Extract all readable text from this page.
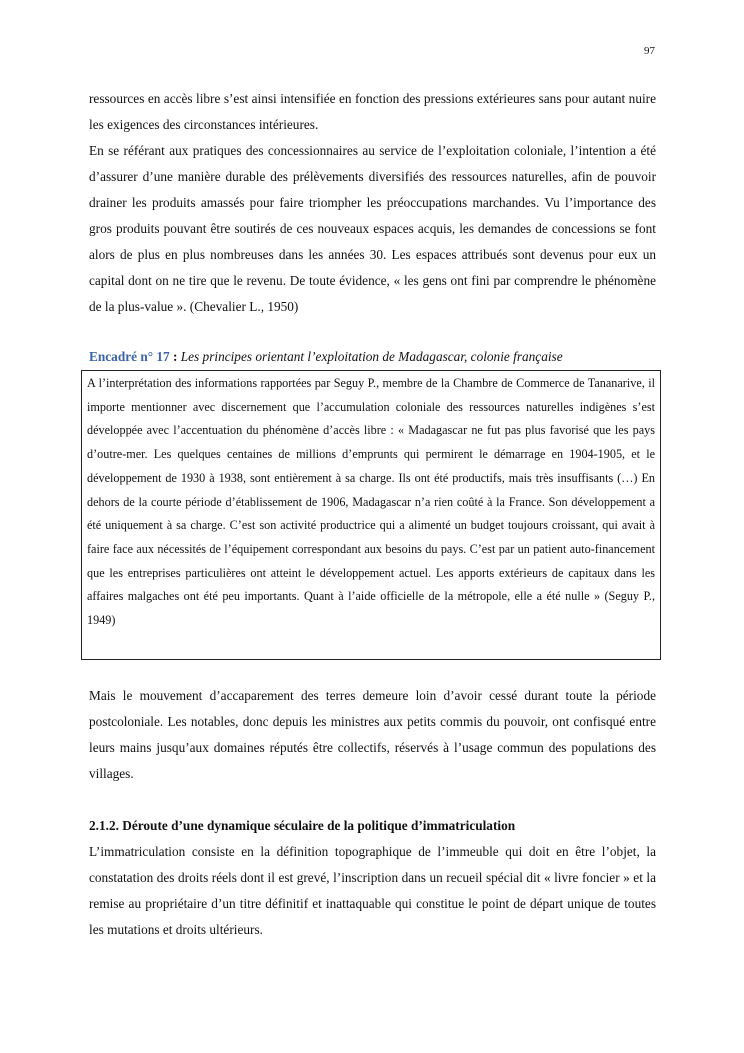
97

ressources en accès libre s’est ainsi intensifiée en fonction des pressions extérieures sans pour autant nuire les exigences des circonstances intérieures.

En se référant aux pratiques des concessionnaires au service de l’exploitation coloniale, l’intention a été d’assurer d’une manière durable des prélèvements diversifiés des ressources naturelles, afin de pouvoir drainer les produits amassés pour faire triompher les préoccupations marchandes. Vu l’importance des gros produits pouvant être soutirés de ces nouveaux espaces acquis, les demandes de concessions se font alors de plus en plus nombreuses dans les années 30. Les espaces attribués sont devenus pour eux un capital dont on ne tire que le revenu. De toute évidence, « les gens ont fini par comprendre le phénomène de la plus-value ». (Chevalier L., 1950)

Encadré n° 17 : Les principes orientant l’exploitation de Madagascar, colonie française

A l’interprétation des informations rapportées par Seguy P., membre de la Chambre de Commerce de Tananarive, il importe mentionner avec discernement que l’accumulation coloniale des ressources naturelles indigènes s’est développée avec l’accentuation du phénomène d’accès libre : « Madagascar ne fut pas plus favorisé que les pays d’outre-mer. Les quelques centaines de millions d’emprunts qui permirent le démarrage en 1904-1905, et le développement de 1930 à 1938, sont entièrement à sa charge. Ils ont été productifs, mais très insuffisants (…) En dehors de la courte période d’établissement de 1906, Madagascar n’a rien coûté à la France. Son développement a été uniquement à sa charge. C’est son activité productrice qui a alimenté un budget toujours croissant, qui avait à faire face aux nécessités de l’équipement correspondant aux besoins du pays. C’est par un patient auto-financement que les entreprises particulières ont atteint le développement actuel. Les apports extérieurs de capitaux dans les affaires malgaches ont été peu importants. Quant à l’aide officielle de la métropole, elle a été nulle » (Seguy P., 1949)

Mais le mouvement d’accaparement des terres demeure loin d’avoir cessé durant toute la période postcoloniale. Les notables, donc depuis les ministres aux petits commis du pouvoir, ont confisqué entre leurs mains jusqu’aux domaines réputés être collectifs, réservés à l’usage commun des populations des villages.

2.1.2. Déroute d’une dynamique séculaire de la politique d’immatriculation

L’immatriculation consiste en la définition topographique de l’immeuble qui doit en être l’objet, la constatation des droits réels dont il est grevé, l’inscription dans un recueil spécial dit « livre foncier » et la remise au propriétaire d’un titre définitif et inattaquable qui constitue le point de départ unique de toutes les mutations et droits ultérieurs.
